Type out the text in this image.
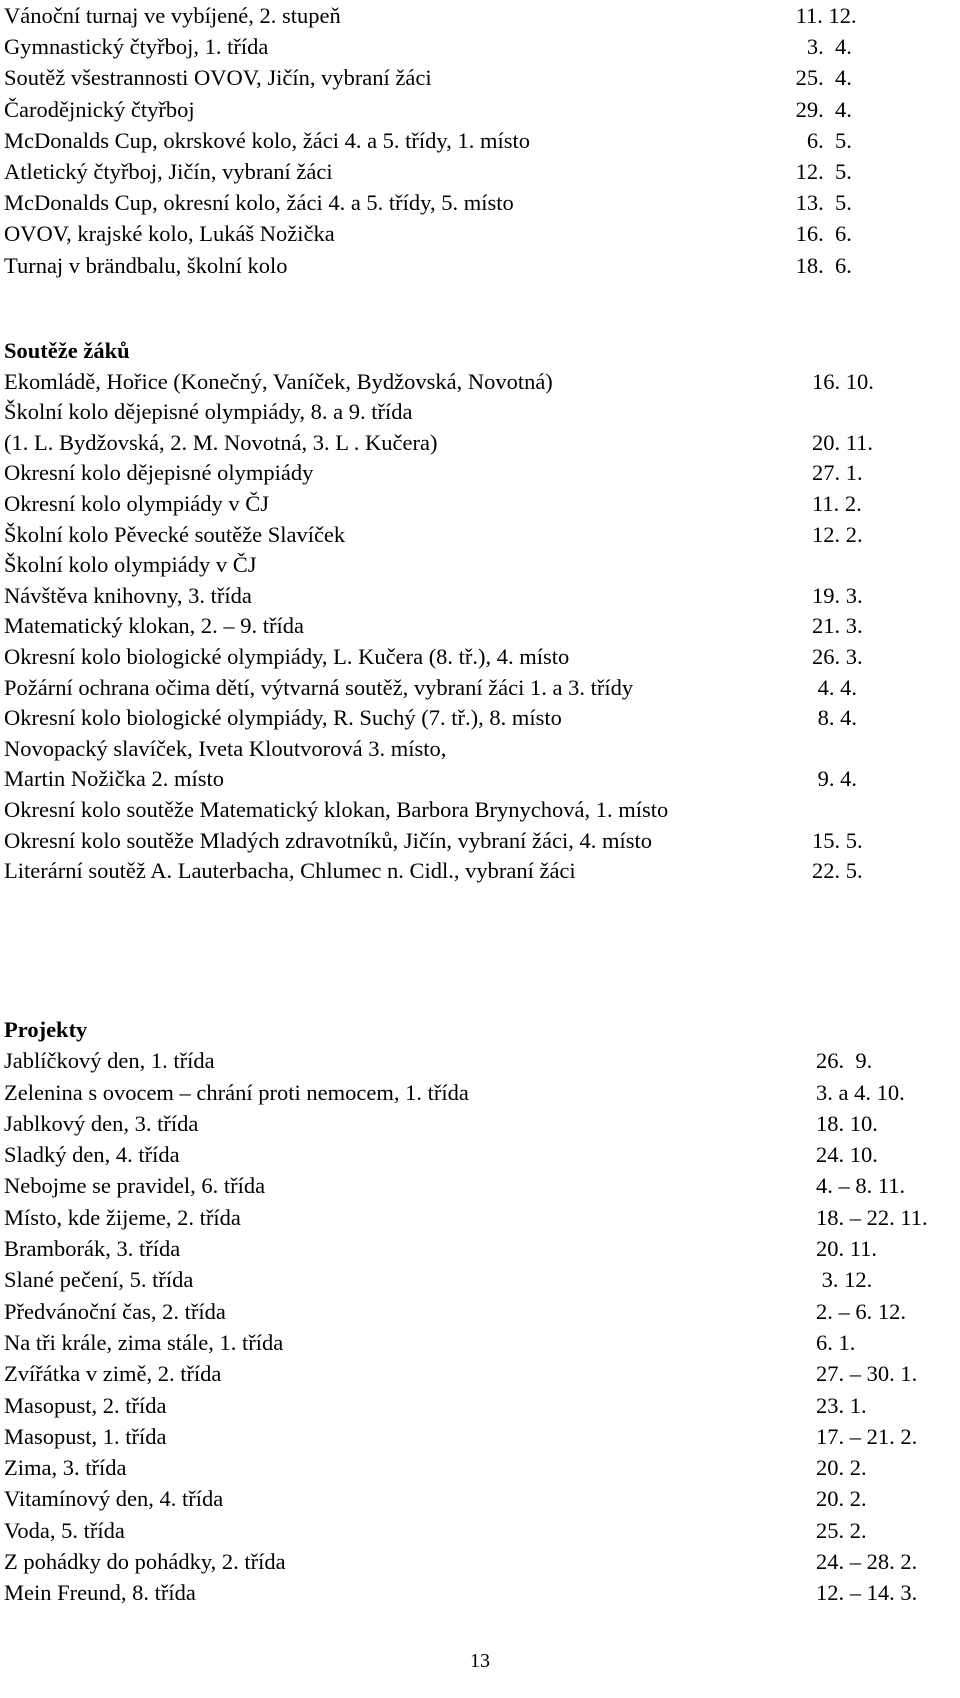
Vánoční turnaj ve vybíjené, 2. stupeň	11. 12.
Gymnastický čtyřboj, 1. třída	3.  4.
Soutěž všestrannosti OVOV, Jičín, vybraní žáci	25.  4.
Čarodějnický čtyřboj	29.  4.
McDonalds Cup, okrskové kolo, žáci 4. a 5. třídy, 1. místo	6.  5.
Atletický čtyřboj, Jičín, vybraní žáci	12.  5.
McDonalds Cup, okresní kolo, žáci 4. a 5. třídy, 5. místo	13.  5.
OVOV, krajské kolo, Lukáš Nožička	16.  6.
Turnaj v brändbalu, školní kolo	18.  6.
Soutěže žáků
Ekomládě, Hořice (Konečný, Vaníček, Bydžovská, Novotná)	16. 10.
Školní kolo dějepisné olympiády, 8. a 9. třída
(1. L. Bydžovská, 2. M. Novotná, 3. L . Kučera)	20. 11.
Okresní kolo dějepisné olympiády	27. 1.
Okresní kolo olympiády v ČJ	11. 2.
Školní kolo Pěvecké soutěže Slavíček	12. 2.
Školní kolo olympiády v ČJ
Návštěva knihovny, 3. třída	19. 3.
Matematický klokan, 2. – 9. třída	21. 3.
Okresní kolo biologické olympiády, L. Kučera (8. tř.), 4. místo	26. 3.
Požární ochrana očima dětí, výtvarná soutěž, vybraní žáci 1. a 3. třídy	4. 4.
Okresní kolo biologické olympiády, R. Suchý (7. tř.), 8. místo	8. 4.
Novopacký slavíček, Iveta Kloutvorová 3. místo,
Martin Nožička 2. místo	9. 4.
Okresní kolo soutěže Matematický klokan, Barbora Brynychová, 1. místo
Okresní kolo soutěže Mladých zdravotníků, Jičín, vybraní žáci, 4. místo	15. 5.
Literární soutěž A. Lauterbacha, Chlumec n. Cidl., vybraní žáci	22. 5.
Projekty
Jablíčkový den, 1. třída	26.  9.
Zelenina s ovocem – chrání proti nemocem, 1. třída	3. a 4. 10.
Jablkový den, 3. třída	18. 10.
Sladký den, 4. třída	24. 10.
Nebojme se pravidel, 6. třída	4. – 8. 11.
Místo, kde žijeme, 2. třída	18. – 22. 11.
Bramborák, 3. třída	20. 11.
Slané pečení, 5. třída	3. 12.
Předvánoční čas, 2. třída	2. – 6. 12.
Na tři krále, zima stále, 1. třída	6. 1.
Zvířátka v zimě, 2. třída	27. – 30. 1.
Masopust, 2. třída	23. 1.
Masopust, 1. třída	17. – 21. 2.
Zima, 3. třída	20. 2.
Vitamínový den, 4. třída	20. 2.
Voda, 5. třída	25. 2.
Z pohádky do pohádky, 2. třída	24. – 28. 2.
Mein Freund, 8. třída	12. – 14. 3.
13
